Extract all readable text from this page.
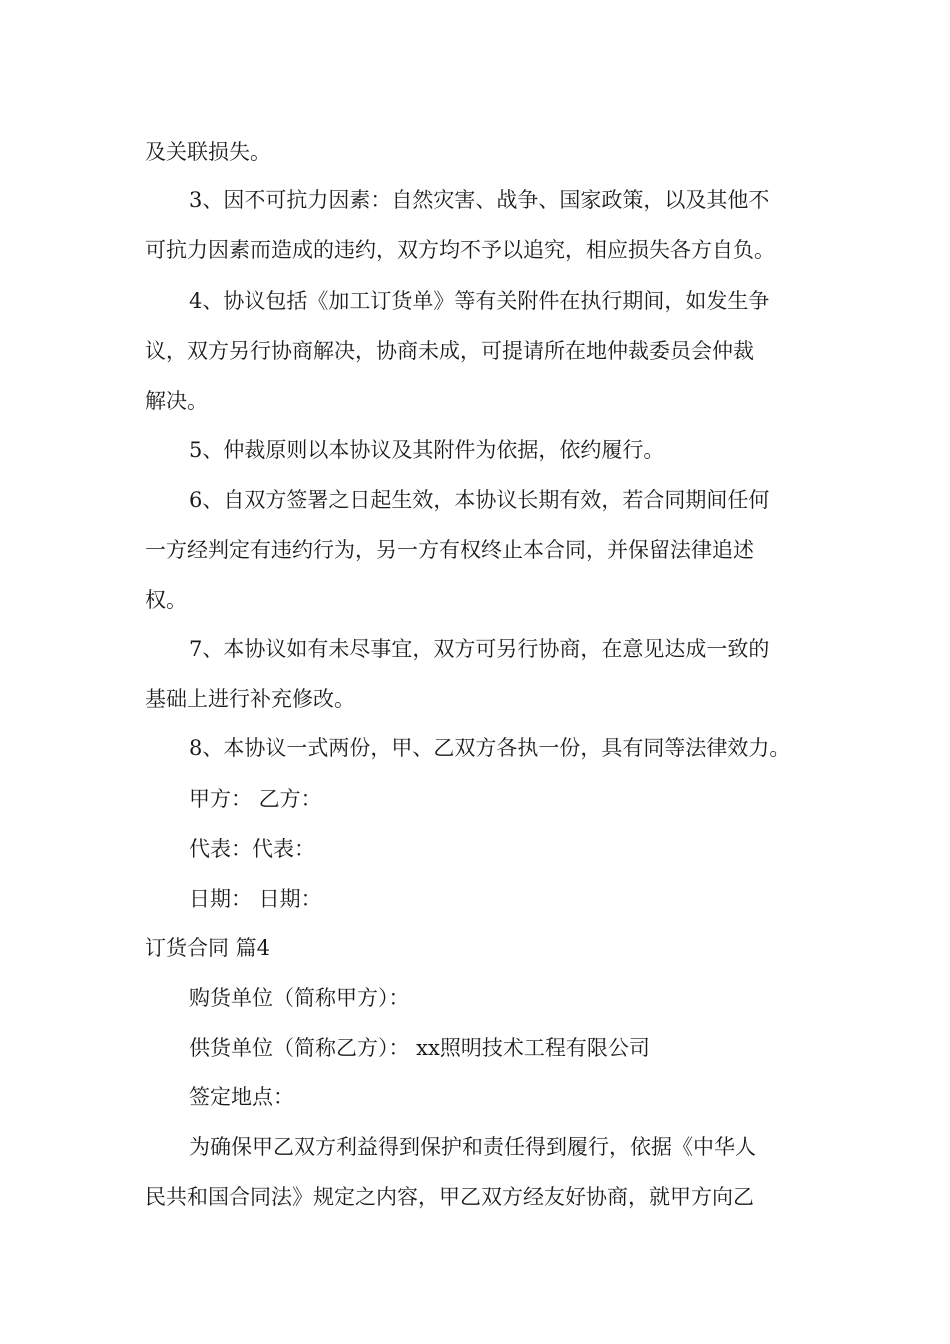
及关联损失。
3、因不可抗力因素：自然灾害、战争、国家政策，以及其他不
可抗力因素而造成的违约，双方均不予以追究，相应损失各方自负。
4、协议包括《加工订货单》等有关附件在执行期间，如发生争
议，双方另行协商解决，协商未成，可提请所在地仲裁委员会仲裁
解决。
5、仲裁原则以本协议及其附件为依据，依约履行。
6、自双方签署之日起生效，本协议长期有效，若合同期间任何
一方经判定有违约行为，另一方有权终止本合同，并保留法律追述
权。
7、本协议如有未尽事宜，双方可另行协商，在意见达成一致的
基础上进行补充修改。
8、本协议一式两份，甲、乙双方各执一份，具有同等法律效力。
甲方： 乙方：
代表：代表：
日期： 日期：
订货合同 篇4
购货单位（简称甲方）：
供货单位（简称乙方）： xx照明技术工程有限公司
签定地点：
为确保甲乙双方利益得到保护和责任得到履行，依据《中华人
民共和国合同法》规定之内容，甲乙双方经友好协商，就甲方向乙
